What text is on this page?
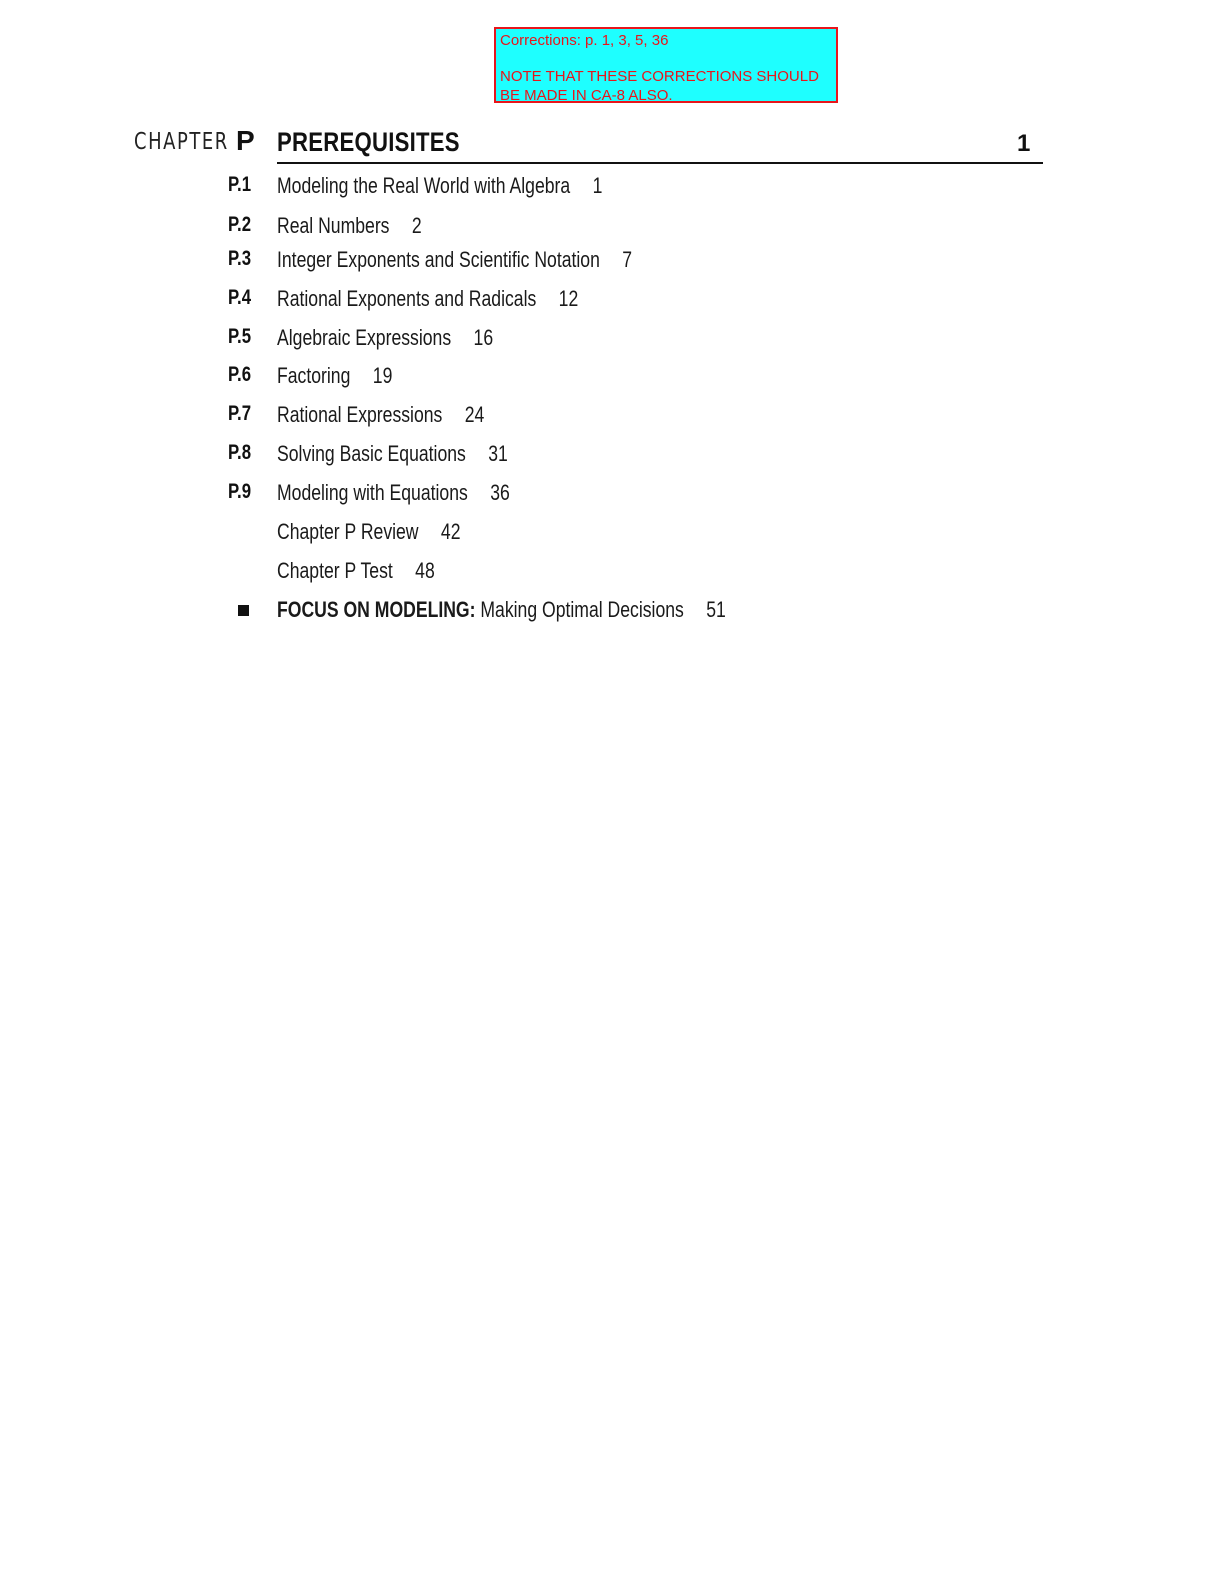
Corrections: p. 1, 3, 5, 36
NOTE THAT THESE CORRECTIONS SHOULD
BE MADE IN CA-8 ALSO.
CHAPTER P PREREQUISITES	1
P.1 Modeling the Real World with Algebra 1
P.2 Real Numbers 2
P.3 Integer Exponents and Scientific Notation 7
P.4 Rational Exponents and Radicals 12
P.5 Algebraic Expressions 16
P.6 Factoring 19
P.7 Rational Expressions 24
P.8 Solving Basic Equations 31
P.9 Modeling with Equations 36
Chapter P Review 42
Chapter P Test 48
FOCUS ON MODELING: Making Optimal Decisions 51
